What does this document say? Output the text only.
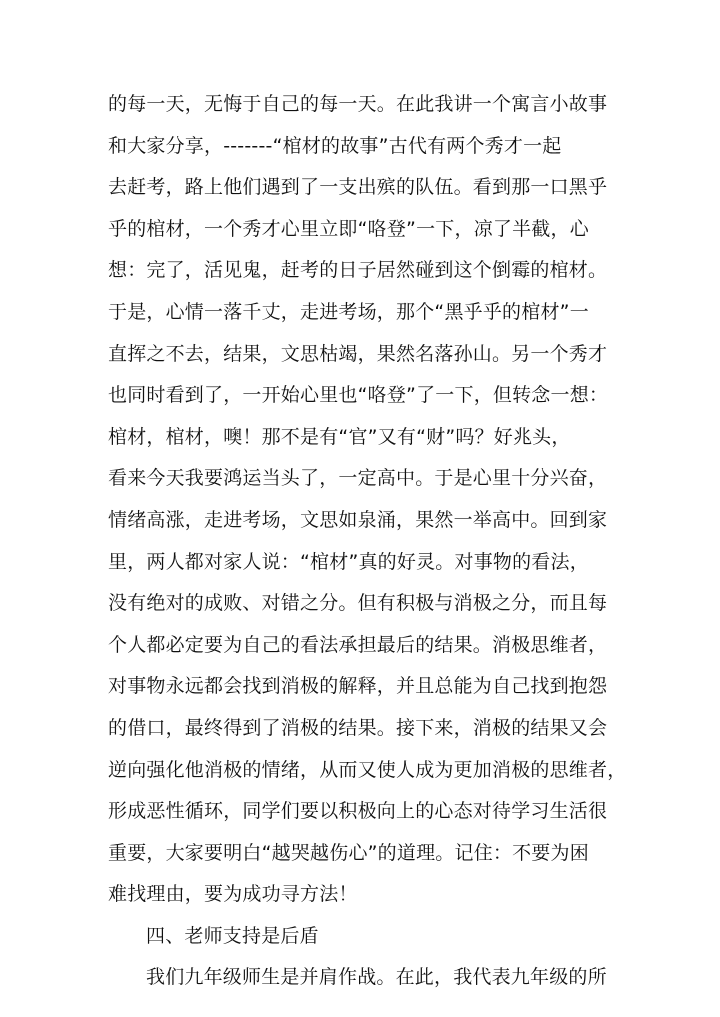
的每一天，无悔于自己的每一天。在此我讲一个寓言小故事
和大家分享，-------“棺材的故事”古代有两个秀才一起
去赶考，路上他们遇到了一支出殡的队伍。看到那一口黑乎
乎的棺材，一个秀才心里立即“咯登”一下，凉了半截，心
想：完了，活见鬼，赶考的日子居然碰到这个倒霉的棺材。
于是，心情一落千丈，走进考场，那个“黑乎乎的棺材”一
直挥之不去，结果，文思枯竭，果然名落孙山。另一个秀才
也同时看到了，一开始心里也“咯登”了一下，但转念一想：
棺材，棺材，噢！那不是有“官”又有“财”吗？好兆头，
看来今天我要鸿运当头了，一定高中。于是心里十分兴奋，
情绪高涨，走进考场，文思如泉涌，果然一举高中。回到家
里，两人都对家人说：“棺材”真的好灵。对事物的看法，
没有绝对的成败、对错之分。但有积极与消极之分，而且每
个人都必定要为自己的看法承担最后的结果。消极思维者，
对事物永远都会找到消极的解释，并且总能为自己找到抱怨
的借口，最终得到了消极的结果。接下来，消极的结果又会
逆向强化他消极的情绪，从而又使人成为更加消极的思维者，
形成恶性循环，同学们要以积极向上的心态对待学习生活很
重要，大家要明白“越哭越伤心”的道理。记住：不要为困
难找理由，要为成功寻方法！
四、老师支持是后盾
我们九年级师生是并肩作战。在此，我代表九年级的所
